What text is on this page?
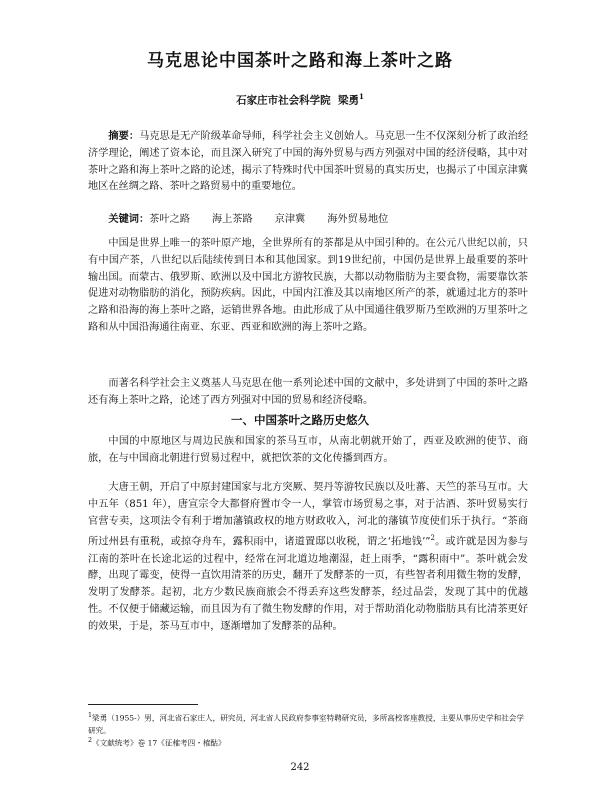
马克思论中国茶叶之路和海上茶叶之路
石家庄市社会科学院 梁勇$^1$
摘要：马克思是无产阶级革命导师，科学社会主义创始人。马克思一生不仅深刻分析了政治经济学理论，阐述了资本论，而且深入研究了中国的海外贸易与西方列强对中国的经济侵略，其中对茶叶之路和海上茶叶之路的论述，揭示了特殊时代中国茶叶贸易的真实历史，也揭示了中国京津冀地区在丝绸之路、茶叶之路贸易中的重要地位。
关键词：茶叶之路 海上茶路 京津冀 海外贸易地位
中国是世界上唯一的茶叶原产地，全世界所有的茶都是从中国引种的。在公元八世纪以前，只有中国产茶，八世纪以后陆续传到日本和其他国家。到19世纪前，中国仍是世界上最重要的茶叶输出国。而蒙古、俄罗斯、欧洲以及中国北方游牧民族，大都以动物脂肪为主要食物，需要靠饮茶促进对动物脂肪的消化，预防疾病。因此，中国内江淮及其以南地区所产的茶，就通过北方的茶叶之路和沿海的海上茶叶之路，运销世界各地。由此形成了从中国通往俄罗斯乃至欧洲的万里茶叶之路和从中国沿海通往南亚、东亚、西亚和欧洲的海上茶叶之路。
而著名科学社会主义奠基人马克思在他一系列论述中国的文献中，多处讲到了中国的茶叶之路还有海上茶叶之路，论述了西方列强对中国的贸易和经济侵略。
一、中国茶叶之路历史悠久
中国的中原地区与周边民族和国家的茶马互市，从南北朝就开始了，西亚及欧洲的使节、商旅，在与中国商北朝进行贸易过程中，就把饮茶的文化传播到西方。
大唐王朝，开启了中原封建国家与北方突厥、契丹等游牧民族以及吐蕃、天竺的茶马互市。大中五年（851 年），唐宣宗令大都督府置市令一人，掌管市场贸易之事，对于沽酒、茶叶贸易实行官营专卖，这项法令有利于增加藩镇政权的地方财政收入，河北的藩镇节度使们乐于执行。“茶商所过州县有重税，或掠夺舟车，露积雨中，诸道置邸以收税，谓之‘拓地钱’”$^2$。或许就是因为参与江南的茶叶在长途北运的过程中，经常在河北道边地潮湿，赶上雨季，“露积雨中”。茶叶就会发酵，出现了霉变，使得一直饮用清茶的历史，翻开了发酵茶的一页，有些智者利用微生物的发酵，发明了发酵茶。起初，北方少数民族商旅会不得丢弃这些发酵茶，经过品尝，发现了其中的优越性。不仅便于储藏运输，而且因为有了微生物发酵的作用，对于帮助消化动物脂肪具有比清茶更好的效果，于是，茶马互市中，逐渐增加了发酵茶的品种。
$^1$梁勇（1955-）男，河北省石家庄人，研究员，河北省人民政府参事室特聘研究员，多所高校客座教授，主要从事历史学和社会学研究。
$^2$《文献统考》卷 17《征榷考四・榷酤》
242
